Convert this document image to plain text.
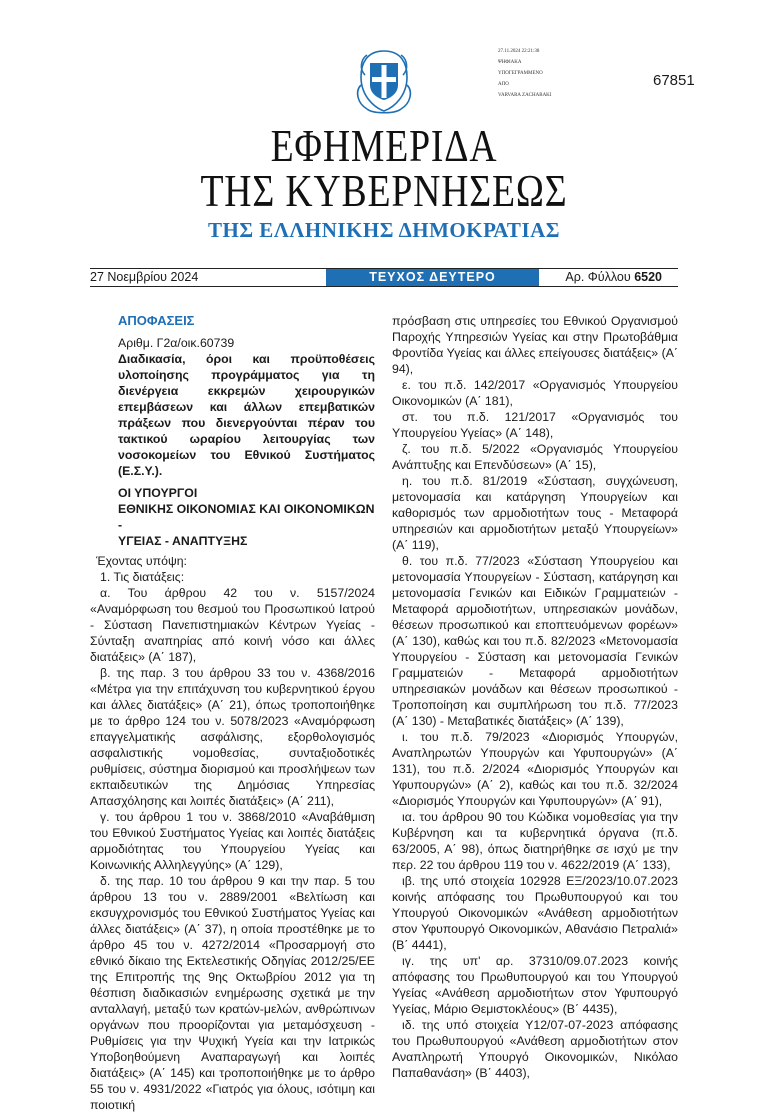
27.11.2024 22:21:38
ΨΗΦΙΑΚΑ
ΥΠΟΓΕΓΡΑΜΜΕΝΟ
ΑΠΟ
VARVARA ZACHARAKI
67851
ΕΦΗΜΕΡΙΔΑ
ΤΗΣ ΚΥΒΕΡΝΗΣΕΩΣ
ΤΗΣ ΕΛΛΗΝΙΚΗΣ ΔΗΜΟΚΡΑΤΙΑΣ
27 Νοεμβρίου 2024	ΤΕΥΧΟΣ ΔΕΥΤΕΡΟ	Αρ. Φύλλου 6520
ΑΠΟΦΑΣΕΙΣ
Αριθμ. Γ2α/οικ.60739
Διαδικασία, όροι και προϋποθέσεις υλοποίησης προγράμματος για τη διενέργεια εκκρεμών χειρουργικών επεμβάσεων και άλλων επεμβατικών πράξεων που διενεργούνται πέραν του τακτικού ωραρίου λειτουργίας των νοσοκομείων του Εθνικού Συστήματος (Ε.Σ.Υ.).
ΟΙ ΥΠΟΥΡΓΟΙ
ΕΘΝΙΚΗΣ ΟΙΚΟΝΟΜΙΑΣ ΚΑΙ ΟΙΚΟΝΟΜΙΚΩΝ -
ΥΓΕΙΑΣ - ΑΝΑΠΤΥΞΗΣ

Έχοντας υπόψη:

1. Τις διατάξεις:

α. Του άρθρου 42 του ν. 5157/2024 «Αναμόρφωση του θεσμού του Προσωπικού Ιατρού - Σύσταση Πανεπιστημιακών Κέντρων Υγείας - Σύνταξη αναπηρίας από κοινή νόσο και άλλες διατάξεις» (Α΄ 187),

β. της παρ. 3 του άρθρου 33 του ν. 4368/2016 «Μέτρα για την επιτάχυνση του κυβερνητικού έργου και άλλες διατάξεις» (Α΄ 21), όπως τροποποιήθηκε με το άρθρο 124 του ν. 5078/2023 «Αναμόρφωση επαγγελματικής ασφάλισης, εξορθολογισμός ασφαλιστικής νομοθεσίας, συνταξιοδοτικές ρυθμίσεις, σύστημα διορισμού και προσλήψεων των εκπαιδευτικών της Δημόσιας Υπηρεσίας Απασχόλησης και λοιπές διατάξεις» (Α΄ 211),

γ. του άρθρου 1 του ν. 3868/2010 «Αναβάθμιση του Εθνικού Συστήματος Υγείας και λοιπές διατάξεις αρμοδιότητας του Υπουργείου Υγείας και Κοινωνικής Αλληλεγγύης» (Α΄ 129),

δ. της παρ. 10 του άρθρου 9 και την παρ. 5 του άρθρου 13 του ν. 2889/2001 «Βελτίωση και εκσυγχρονισμός του Εθνικού Συστήματος Υγείας και άλλες διατάξεις» (Α΄ 37), η οποία προστέθηκε με το άρθρο 45 του ν. 4272/2014 «Προσαρμογή στο εθνικό δίκαιο της Εκτελεστικής Οδηγίας 2012/25/ΕΕ της Επιτροπής της 9ης Οκτωβρίου 2012 για τη θέσπιση διαδικασιών ενημέρωσης σχετικά με την ανταλλαγή, μεταξύ των κρατών-μελών, ανθρώπινων οργάνων που προορίζονται για μεταμόσχευση - Ρυθμίσεις για την Ψυχική Υγεία και την Ιατρικώς Υποβοηθούμενη Αναπαραγωγή και λοιπές διατάξεις» (Α΄ 145) και τροποποιήθηκε με το άρθρο 55 του ν. 4931/2022 «Γιατρός για όλους, ισότιμη και ποιοτική

πρόσβαση στις υπηρεσίες του Εθνικού Οργανισμού Παροχής Υπηρεσιών Υγείας και στην Πρωτοβάθμια Φροντίδα Υγείας και άλλες επείγουσες διατάξεις» (Α΄ 94),

ε. του π.δ. 142/2017 «Οργανισμός Υπουργείου Οικονομικών (Α΄ 181),

στ. του π.δ. 121/2017 «Οργανισμός του Υπουργείου Υγείας» (Α΄ 148),

ζ. του π.δ. 5/2022 «Οργανισμός Υπουργείου Ανάπτυξης και Επενδύσεων» (Α΄ 15),

η. του π.δ. 81/2019 «Σύσταση, συγχώνευση, μετονομασία και κατάργηση Υπουργείων και καθορισμός των αρμοδιοτήτων τους - Μεταφορά υπηρεσιών και αρμοδιοτήτων μεταξύ Υπουργείων» (Α΄ 119),

θ. του π.δ. 77/2023 «Σύσταση Υπουργείου και μετονομασία Υπουργείων - Σύσταση, κατάργηση και μετονομασία Γενικών και Ειδικών Γραμματειών - Μεταφορά αρμοδιοτήτων, υπηρεσιακών μονάδων, θέσεων προσωπικού και εποπτευόμενων φορέων» (Α΄ 130), καθώς και του π.δ. 82/2023 «Μετονομασία Υπουργείου - Σύσταση και μετονομασία Γενικών Γραμματειών - Μεταφορά αρμοδιοτήτων υπηρεσιακών μονάδων και θέσεων προσωπικού - Τροποποίηση και συμπλήρωση του π.δ. 77/2023 (Α΄ 130) - Μεταβατικές διατάξεις» (Α΄ 139),

ι. του π.δ. 79/2023 «Διορισμός Υπουργών, Αναπληρωτών Υπουργών και Υφυπουργών» (Α΄ 131), του π.δ. 2/2024 «Διορισμός Υπουργών και Υφυπουργών» (Α΄ 2), καθώς και του π.δ. 32/2024 «Διορισμός Υπουργών και Υφυπουργών» (Α΄ 91),

ια. του άρθρου 90 του Κώδικα νομοθεσίας για την Κυβέρνηση και τα κυβερνητικά όργανα (π.δ. 63/2005, Α΄ 98), όπως διατηρήθηκε σε ισχύ με την περ. 22 του άρθρου 119 του ν. 4622/2019 (Α΄ 133),

ιβ. της υπό στοιχεία 102928 ΕΞ/2023/10.07.2023 κοινής απόφασης του Πρωθυπουργού και του Υπουργού Οικονομικών «Ανάθεση αρμοδιοτήτων στον Υφυπουργό Οικονομικών, Αθανάσιο Πετραλιά» (Β΄ 4441),

ιγ. της υπ' αρ. 37310/09.07.2023 κοινής απόφασης του Πρωθυπουργού και του Υπουργού Υγείας «Ανάθεση αρμοδιοτήτων στον Υφυπουργό Υγείας, Μάριο Θεμιστοκλέους» (Β΄ 4435),

ιδ. της υπό στοιχεία Υ12/07-07-2023 απόφασης του Πρωθυπουργού «Ανάθεση αρμοδιοτήτων στον Αναπληρωτή Υπουργό Οικονομικών, Νικόλαο Παπαθανάση» (Β΄ 4403),
